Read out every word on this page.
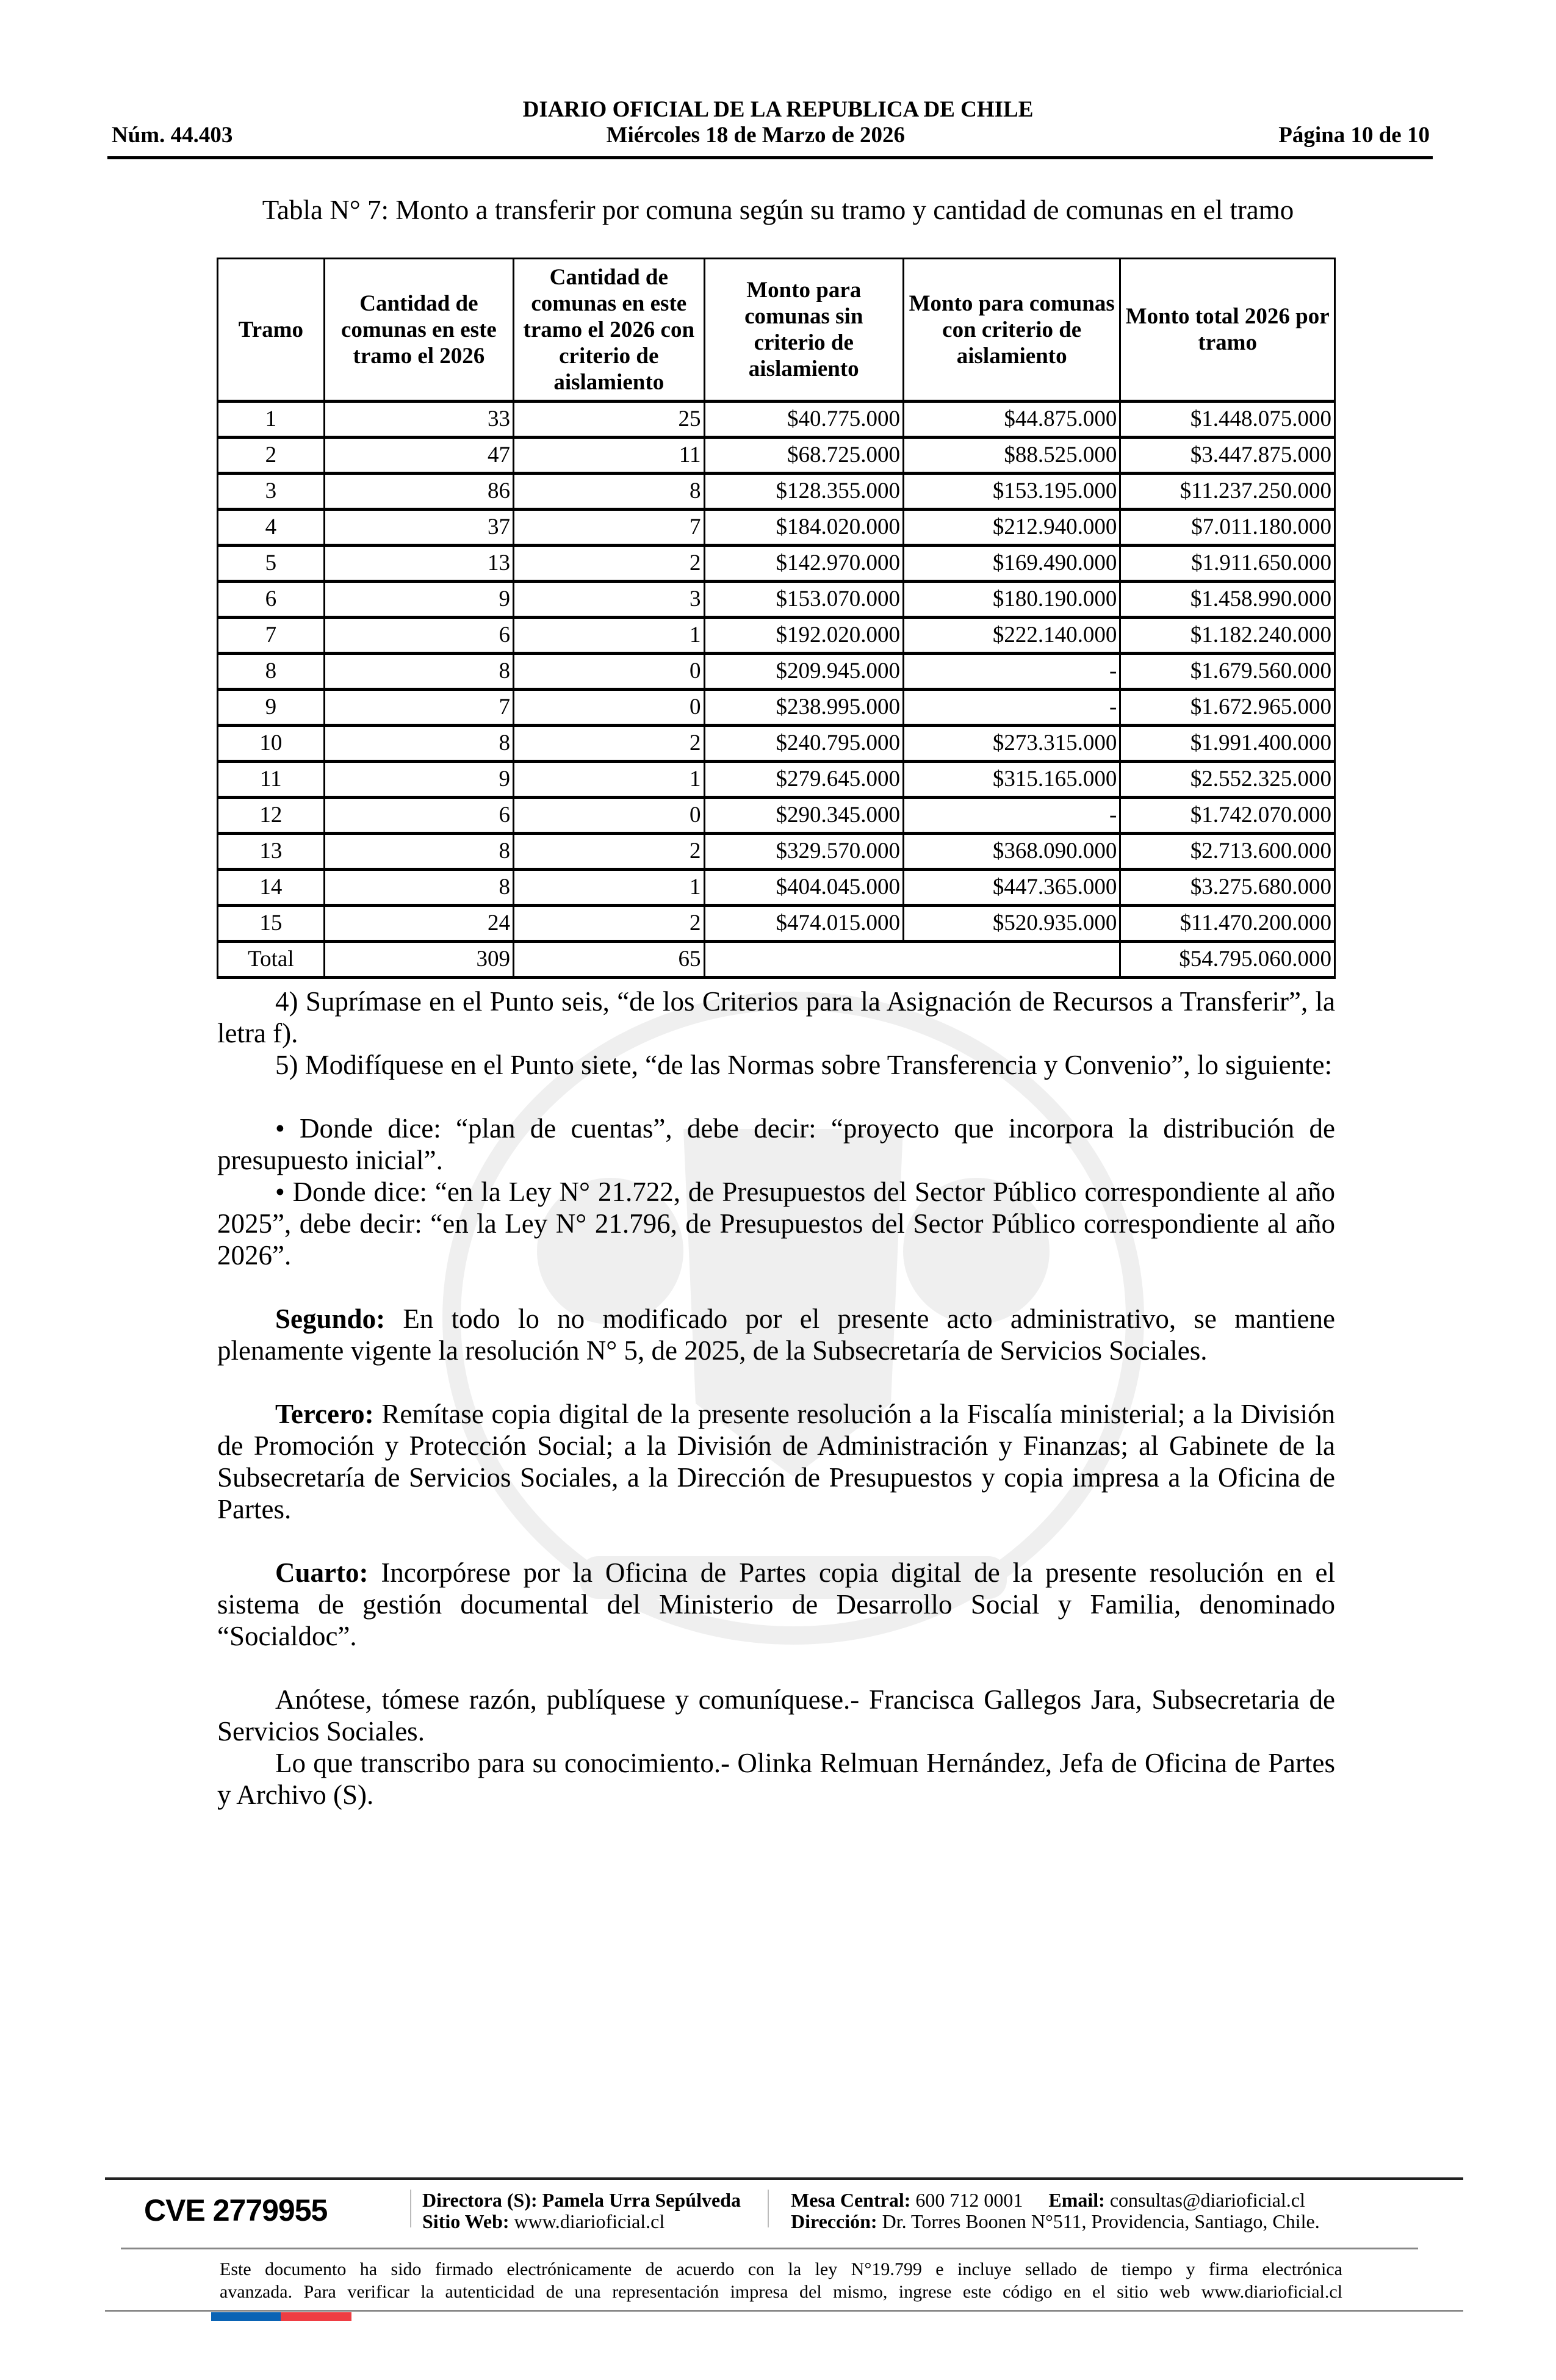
DIARIO OFICIAL DE LA REPUBLICA DE CHILE
Núm. 44.403	Miércoles 18 de Marzo de 2026	Página 10 de 10
Tabla N° 7: Monto a transferir por comuna según su tramo y cantidad de comunas en el tramo
Tramo	Cantidad de comunas en este tramo el 2026	Cantidad de comunas en este tramo el 2026 con criterio de aislamiento	Monto para comunas sin criterio de aislamiento	Monto para comunas con criterio de aislamiento	Monto total 2026 por tramo
1	33	25	$40.775.000	$44.875.000	$1.448.075.000
2	47	11	$68.725.000	$88.525.000	$3.447.875.000
3	86	8	$128.355.000	$153.195.000	$11.237.250.000
4	37	7	$184.020.000	$212.940.000	$7.011.180.000
5	13	2	$142.970.000	$169.490.000	$1.911.650.000
6	9	3	$153.070.000	$180.190.000	$1.458.990.000
7	6	1	$192.020.000	$222.140.000	$1.182.240.000
8	8	0	$209.945.000	-	$1.679.560.000
9	7	0	$238.995.000	-	$1.672.965.000
10	8	2	$240.795.000	$273.315.000	$1.991.400.000
11	9	1	$279.645.000	$315.165.000	$2.552.325.000
12	6	0	$290.345.000	-	$1.742.070.000
13	8	2	$329.570.000	$368.090.000	$2.713.600.000
14	8	1	$404.045.000	$447.365.000	$3.275.680.000
15	24	2	$474.015.000	$520.935.000	$11.470.200.000
Total	309	65			$54.795.060.000

4) Suprímase en el Punto seis, “de los Criterios para la Asignación de Recursos a Transferir”, la letra f).

5) Modifíquese en el Punto siete, “de las Normas sobre Transferencia y Convenio”, lo siguiente:

• Donde dice: “plan de cuentas”, debe decir: “proyecto que incorpora la distribución de presupuesto inicial”.

• Donde dice: “en la Ley N° 21.722, de Presupuestos del Sector Público correspondiente al año 2025”, debe decir: “en la Ley N° 21.796, de Presupuestos del Sector Público correspondiente al año 2026”.

Segundo: En todo lo no modificado por el presente acto administrativo, se mantiene plenamente vigente la resolución N° 5, de 2025, de la Subsecretaría de Servicios Sociales.

Tercero: Remítase copia digital de la presente resolución a la Fiscalía ministerial; a la División de Promoción y Protección Social; a la División de Administración y Finanzas; al Gabinete de la Subsecretaría de Servicios Sociales, a la Dirección de Presupuestos y copia impresa a la Oficina de Partes.

Cuarto: Incorpórese por la Oficina de Partes copia digital de la presente resolución en el sistema de gestión documental del Ministerio de Desarrollo Social y Familia, denominado “Socialdoc”.

Anótese, tómese razón, publíquese y comuníquese.- Francisca Gallegos Jara, Subsecretaria de Servicios Sociales.

Lo que transcribo para su conocimiento.- Olinka Relmuan Hernández, Jefa de Oficina de Partes y Archivo (S).

CVE 2779955	Directora (S): Pamela Urra Sepúlveda
Sitio Web: www.diarioficial.cl
Mesa Central: 600 712 0001 Email: consultas@diarioficial.cl
Dirección: Dr. Torres Boonen N°511, Providencia, Santiago, Chile.
Este documento ha sido firmado electrónicamente de acuerdo con la ley N°19.799 e incluye sellado de tiempo y firma electrónica
avanzada. Para verificar la autenticidad de una representación impresa del mismo, ingrese este código en el sitio web www.diarioficial.cl
